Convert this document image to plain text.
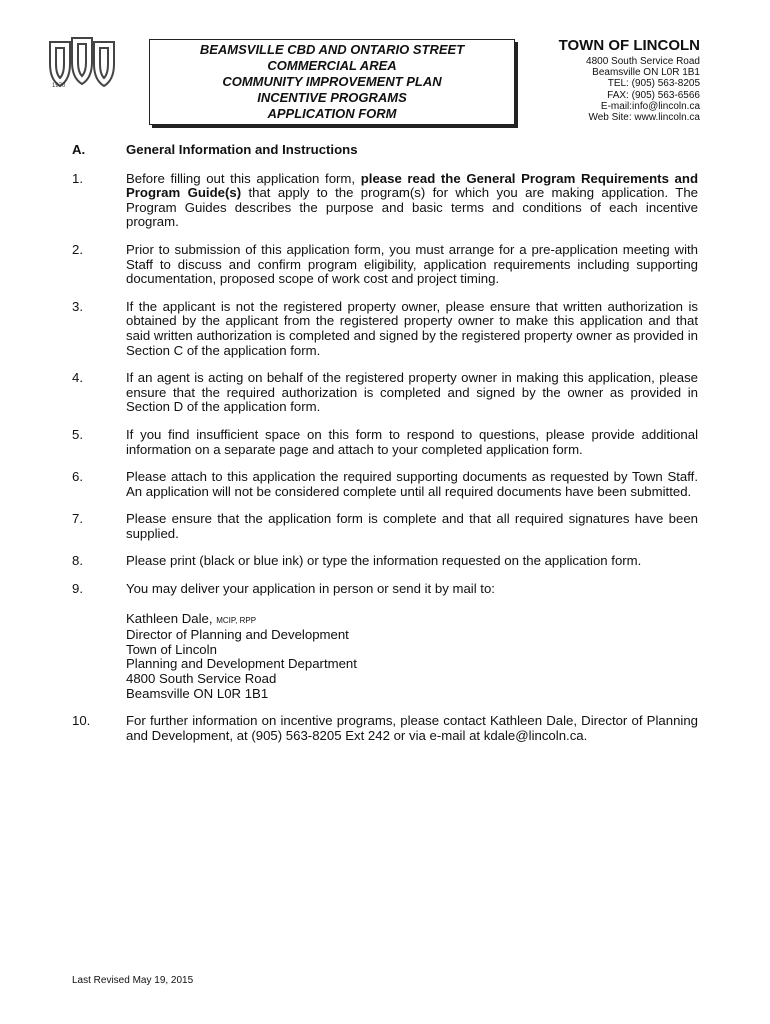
1970
BEAMSVILLE CBD AND ONTARIO STREET
COMMERCIAL AREA
COMMUNITY IMPROVEMENT PLAN
INCENTIVE PROGRAMS
APPLICATION FORM
TOWN OF LINCOLN
4800 South Service Road
Beamsville ON L0R 1B1
TEL: (905) 563-8205
FAX: (905) 563-6566
E-mail:info@lincoln.ca
Web Site: www.lincoln.ca
A.	General Information and Instructions
1.	Before filling out this application form, please read the General Program Requirements and Program Guide(s) that apply to the program(s) for which you are making application. The Program Guides describes the purpose and basic terms and conditions of each incentive program.
2.	Prior to submission of this application form, you must arrange for a pre-application meeting with Staff to discuss and confirm program eligibility, application requirements including supporting documentation, proposed scope of work cost and project timing.
3.	If the applicant is not the registered property owner, please ensure that written authorization is obtained by the applicant from the registered property owner to make this application and that said written authorization is completed and signed by the registered property owner as provided in Section C of the application form.
4.	If an agent is acting on behalf of the registered property owner in making this application, please ensure that the required authorization is completed and signed by the owner as provided in Section D of the application form.
5.	If you find insufficient space on this form to respond to questions, please provide additional information on a separate page and attach to your completed application form.
6.	Please attach to this application the required supporting documents as requested by Town Staff. An application will not be considered complete until all required documents have been submitted.
7.	Please ensure that the application form is complete and that all required signatures have been supplied.
8.	Please print (black or blue ink) or type the information requested on the application form.
9.	You may deliver your application in person or send it by mail to:

Kathleen Dale, MCIP, RPP
Director of Planning and Development
Town of Lincoln
Planning and Development Department
4800 South Service Road
Beamsville ON L0R 1B1
10.	For further information on incentive programs, please contact Kathleen Dale, Director of Planning and Development, at (905) 563-8205 Ext 242 or via e-mail at kdale@lincoln.ca.
Last Revised May 19, 2015
